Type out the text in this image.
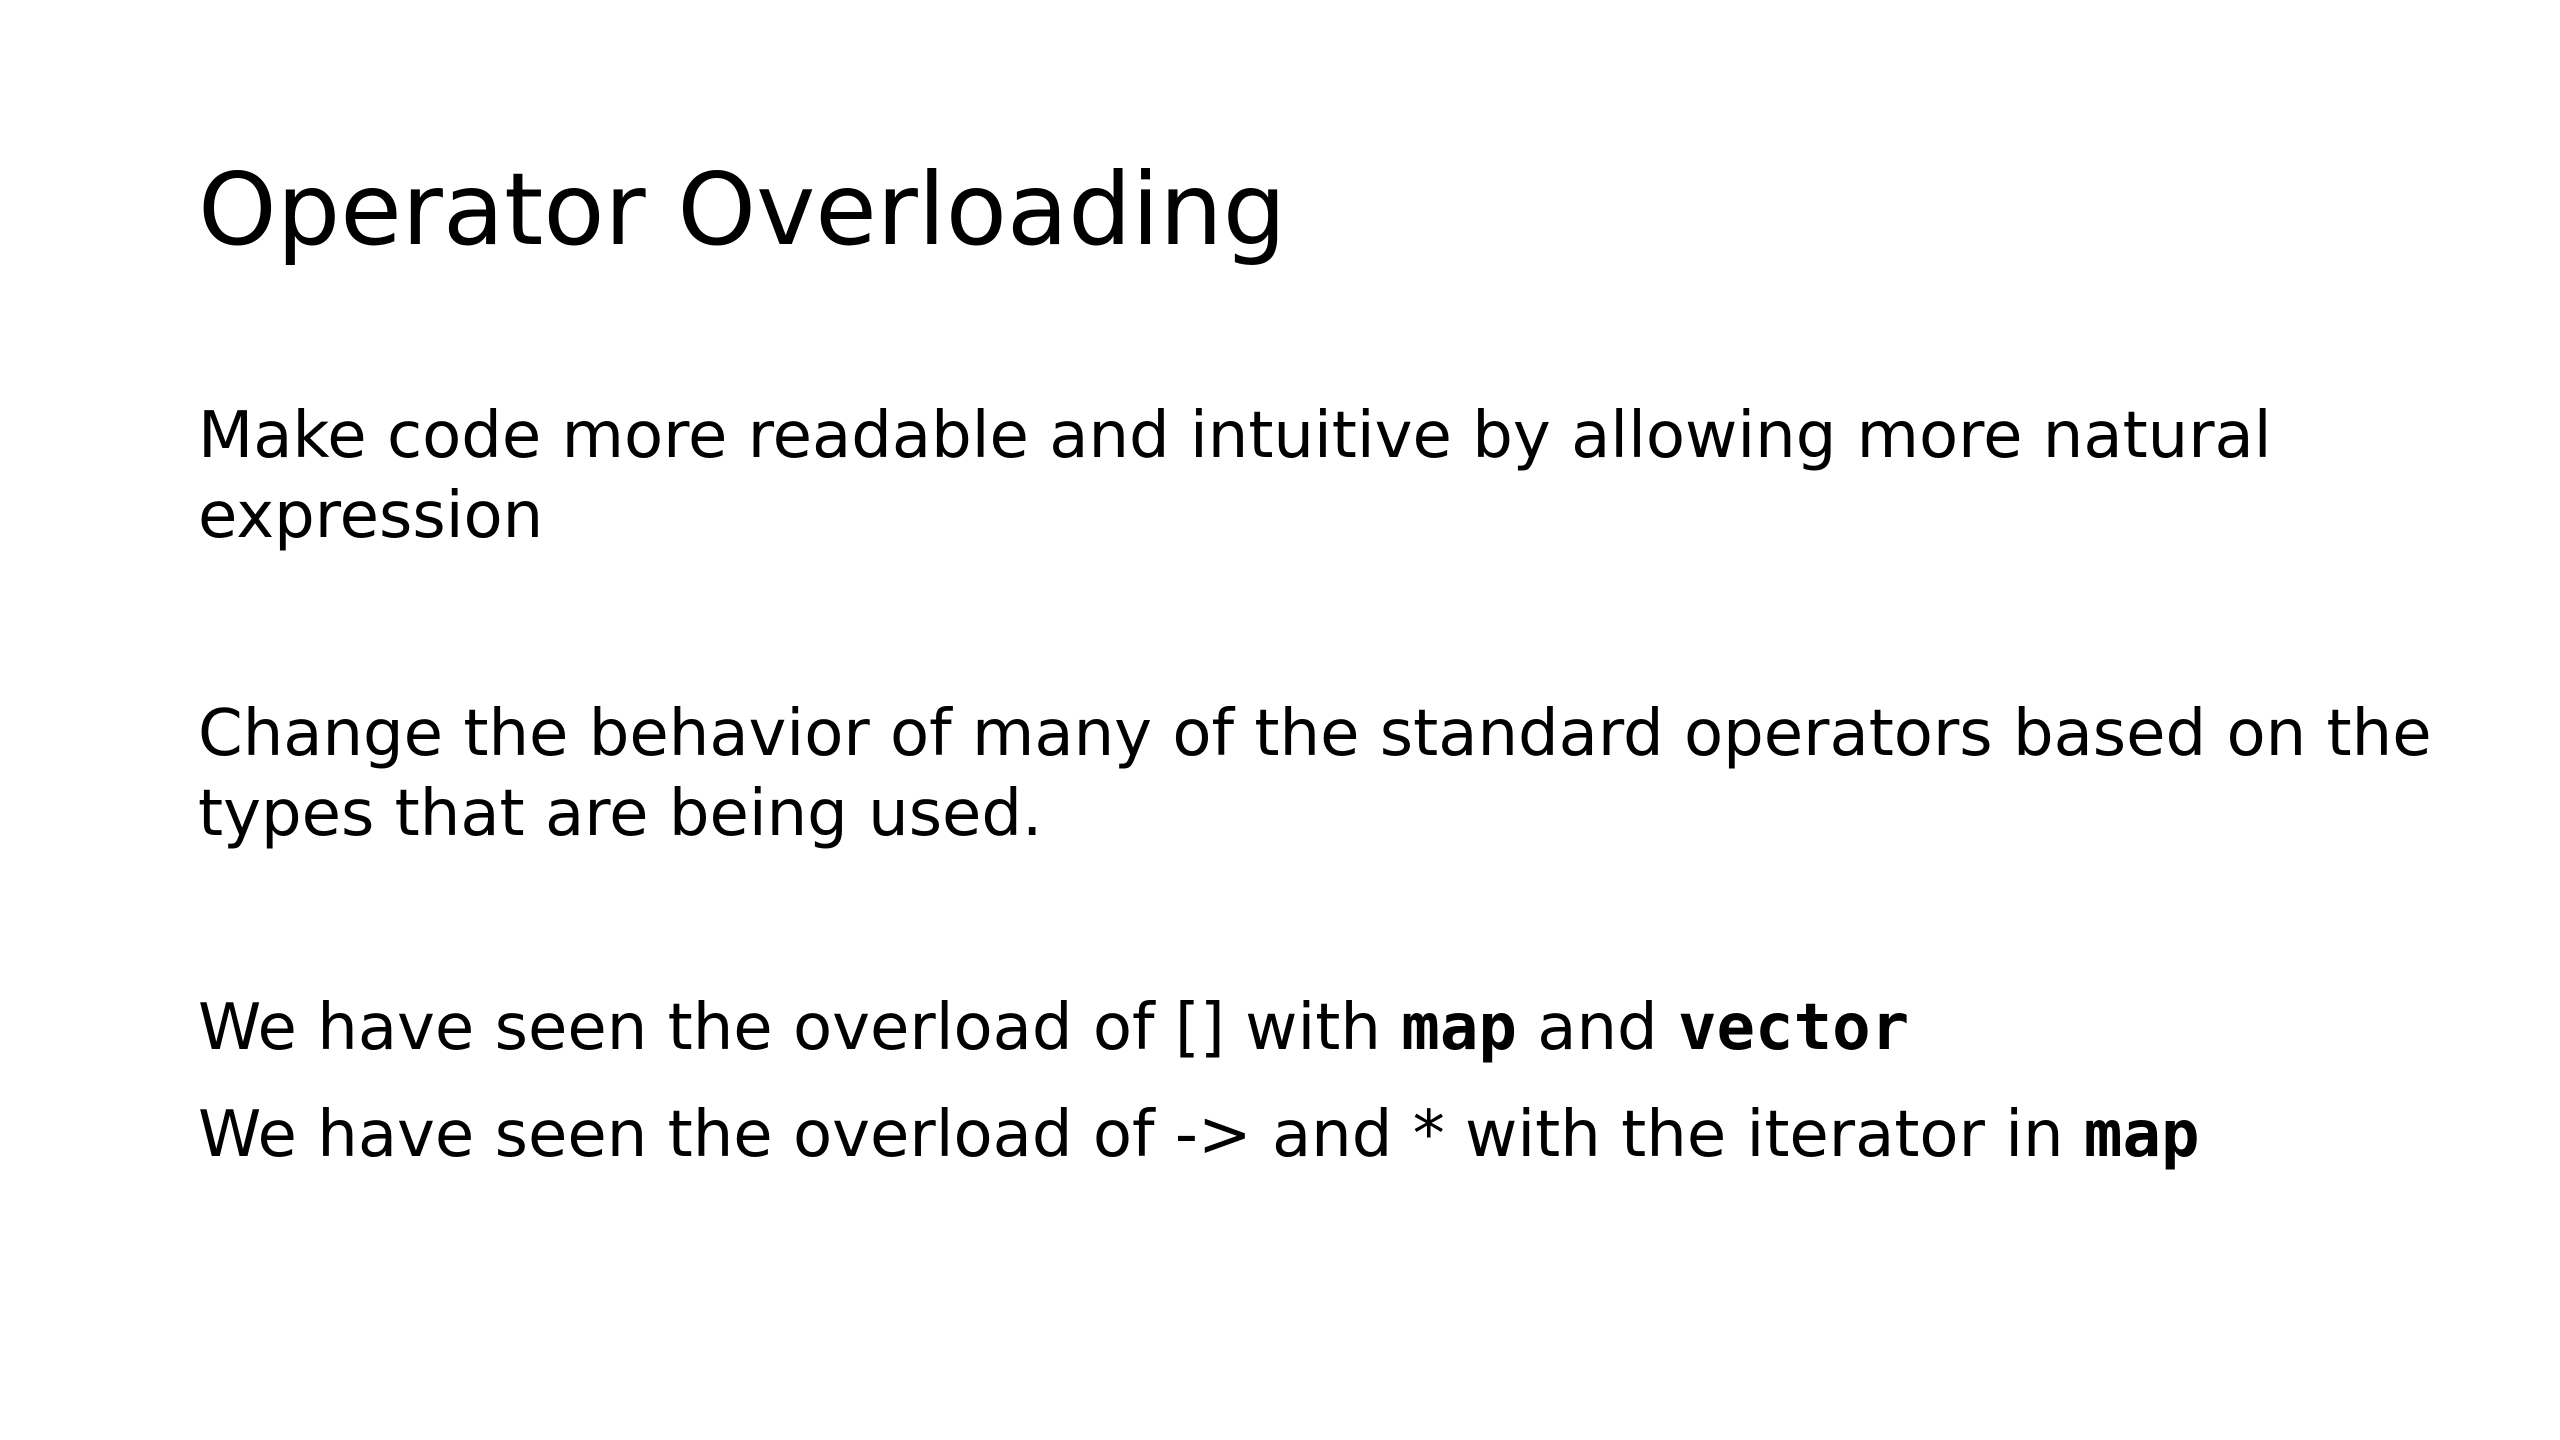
Operator Overloading

Make code more readable and intuitive by allowing more natural expression

Change the behavior of many of the standard operators based on the types that are being used.

We have seen the overload of [] with map and vector

We have seen the overload of -> and * with the iterator in map
